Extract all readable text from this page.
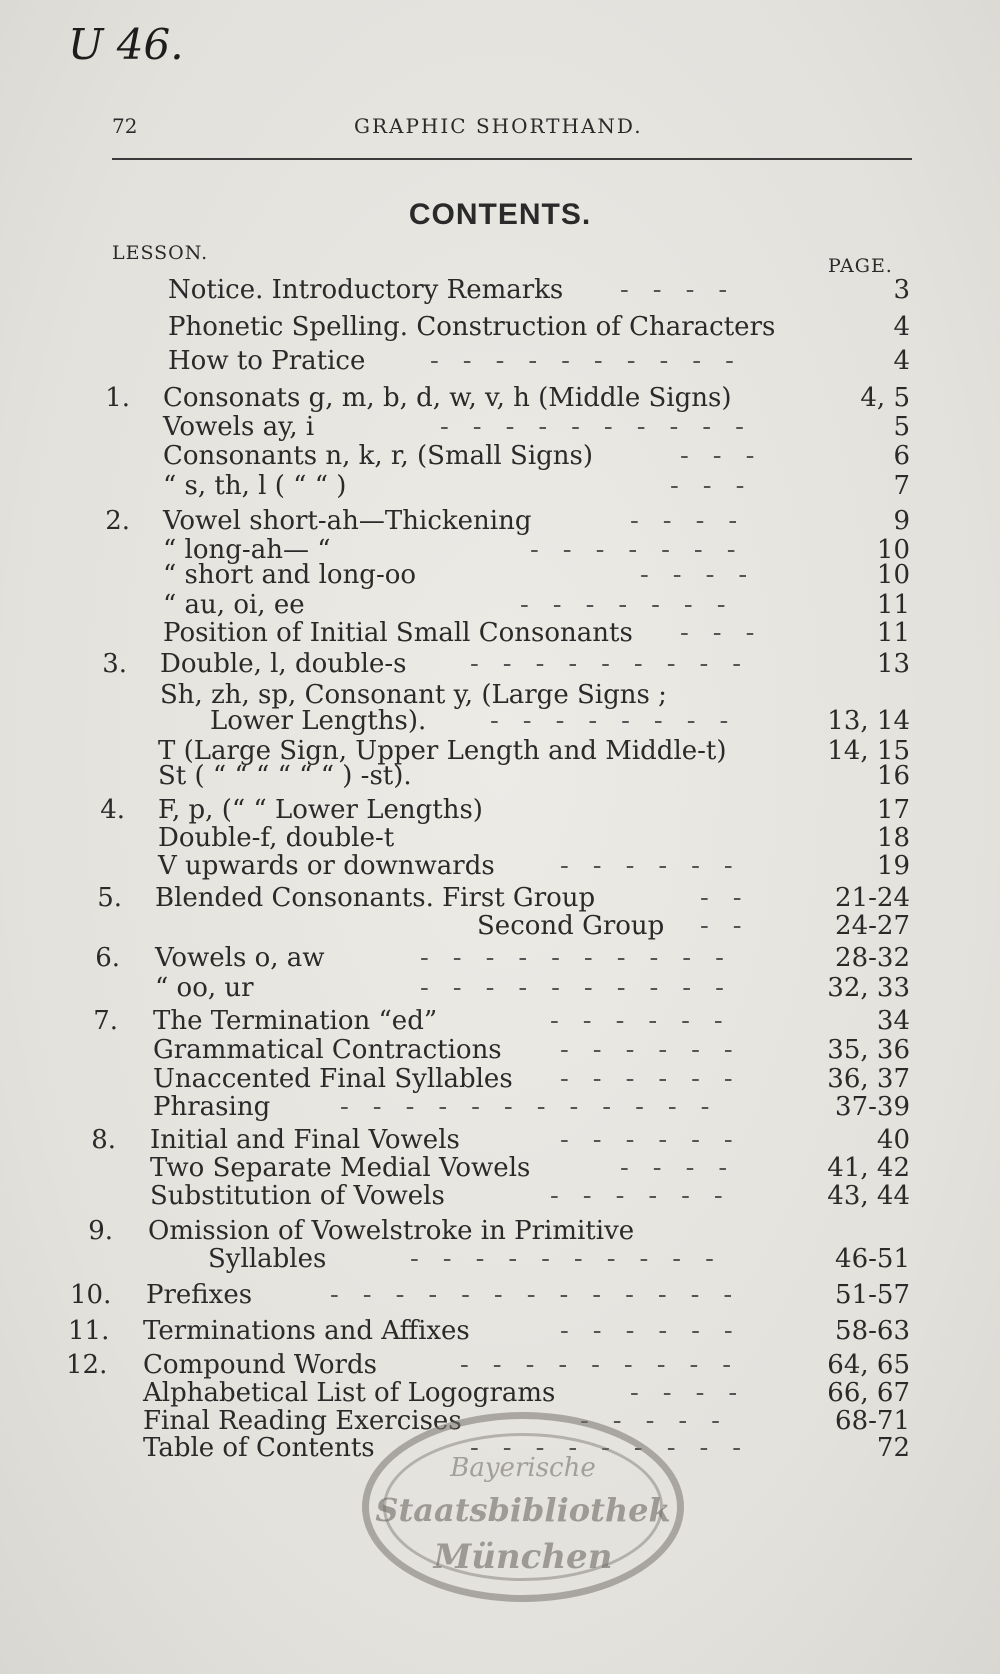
U 46.
72	GRAPHIC SHORTHAND.
CONTENTS.
LESSON.
PAGE.
Notice. Introductory Remarks ----	3
Phonetic Spelling. Construction of Characters	4
How to Pratice ----------	4
1. Consonats g, m, b, d, w, v, h (Middle Signs)	4, 5
Vowels ay, i	----------	5
Consonants n, k, r, (Small Signs)	---	6
“ s, th, l ( “ “ )	---	7
2. Vowel short-ah—Thickening	----	9
“ long-ah— “	-------	10
“ short and long-oo	----	10
“ au, oi, ee	-------	11
Position of Initial Small Consonants ---	11
3. Double, l, double-s ---------	13
Sh, zh, sp, Consonant y, (Large Signs ;
Lower Lengths). --------	13, 14
T (Large Sign, Upper Length and Middle-t)	14, 15
St ( “ “ “ “ “ “ ) -st).	16
4. F, p, (“ “ Lower Lengths)	17
Double-f, double-t	18
V upwards or downwards	------	19
5. Blended Consonants. First Group	--	21-24
Second Group --	24-27
6. Vowels o, aw	----------	28-32
“ oo, ur	----------	32, 33
7. The Termination “ed”	------	34
Grammatical Contractions ------	35, 36
Unaccented Final Syllables ------	36, 37
Phrasing	------------	37-39
8. Initial and Final Vowels	------	40
Two Separate Medial Vowels	----	41, 42
Substitution of Vowels	------	43, 44
9. Omission of Vowelstroke in Primitive
Syllables	----------	46-51
10. Prefixes	-------------	51-57
11. Terminations and Affixes	------	58-63
12. Compound Words	---------	64, 65
Alphabetical List of Logograms	----	66, 67
Final Reading Exercises	-----	68-71
Table of Contents	---------	72
Bayerische
Staatsbibliothek
München
